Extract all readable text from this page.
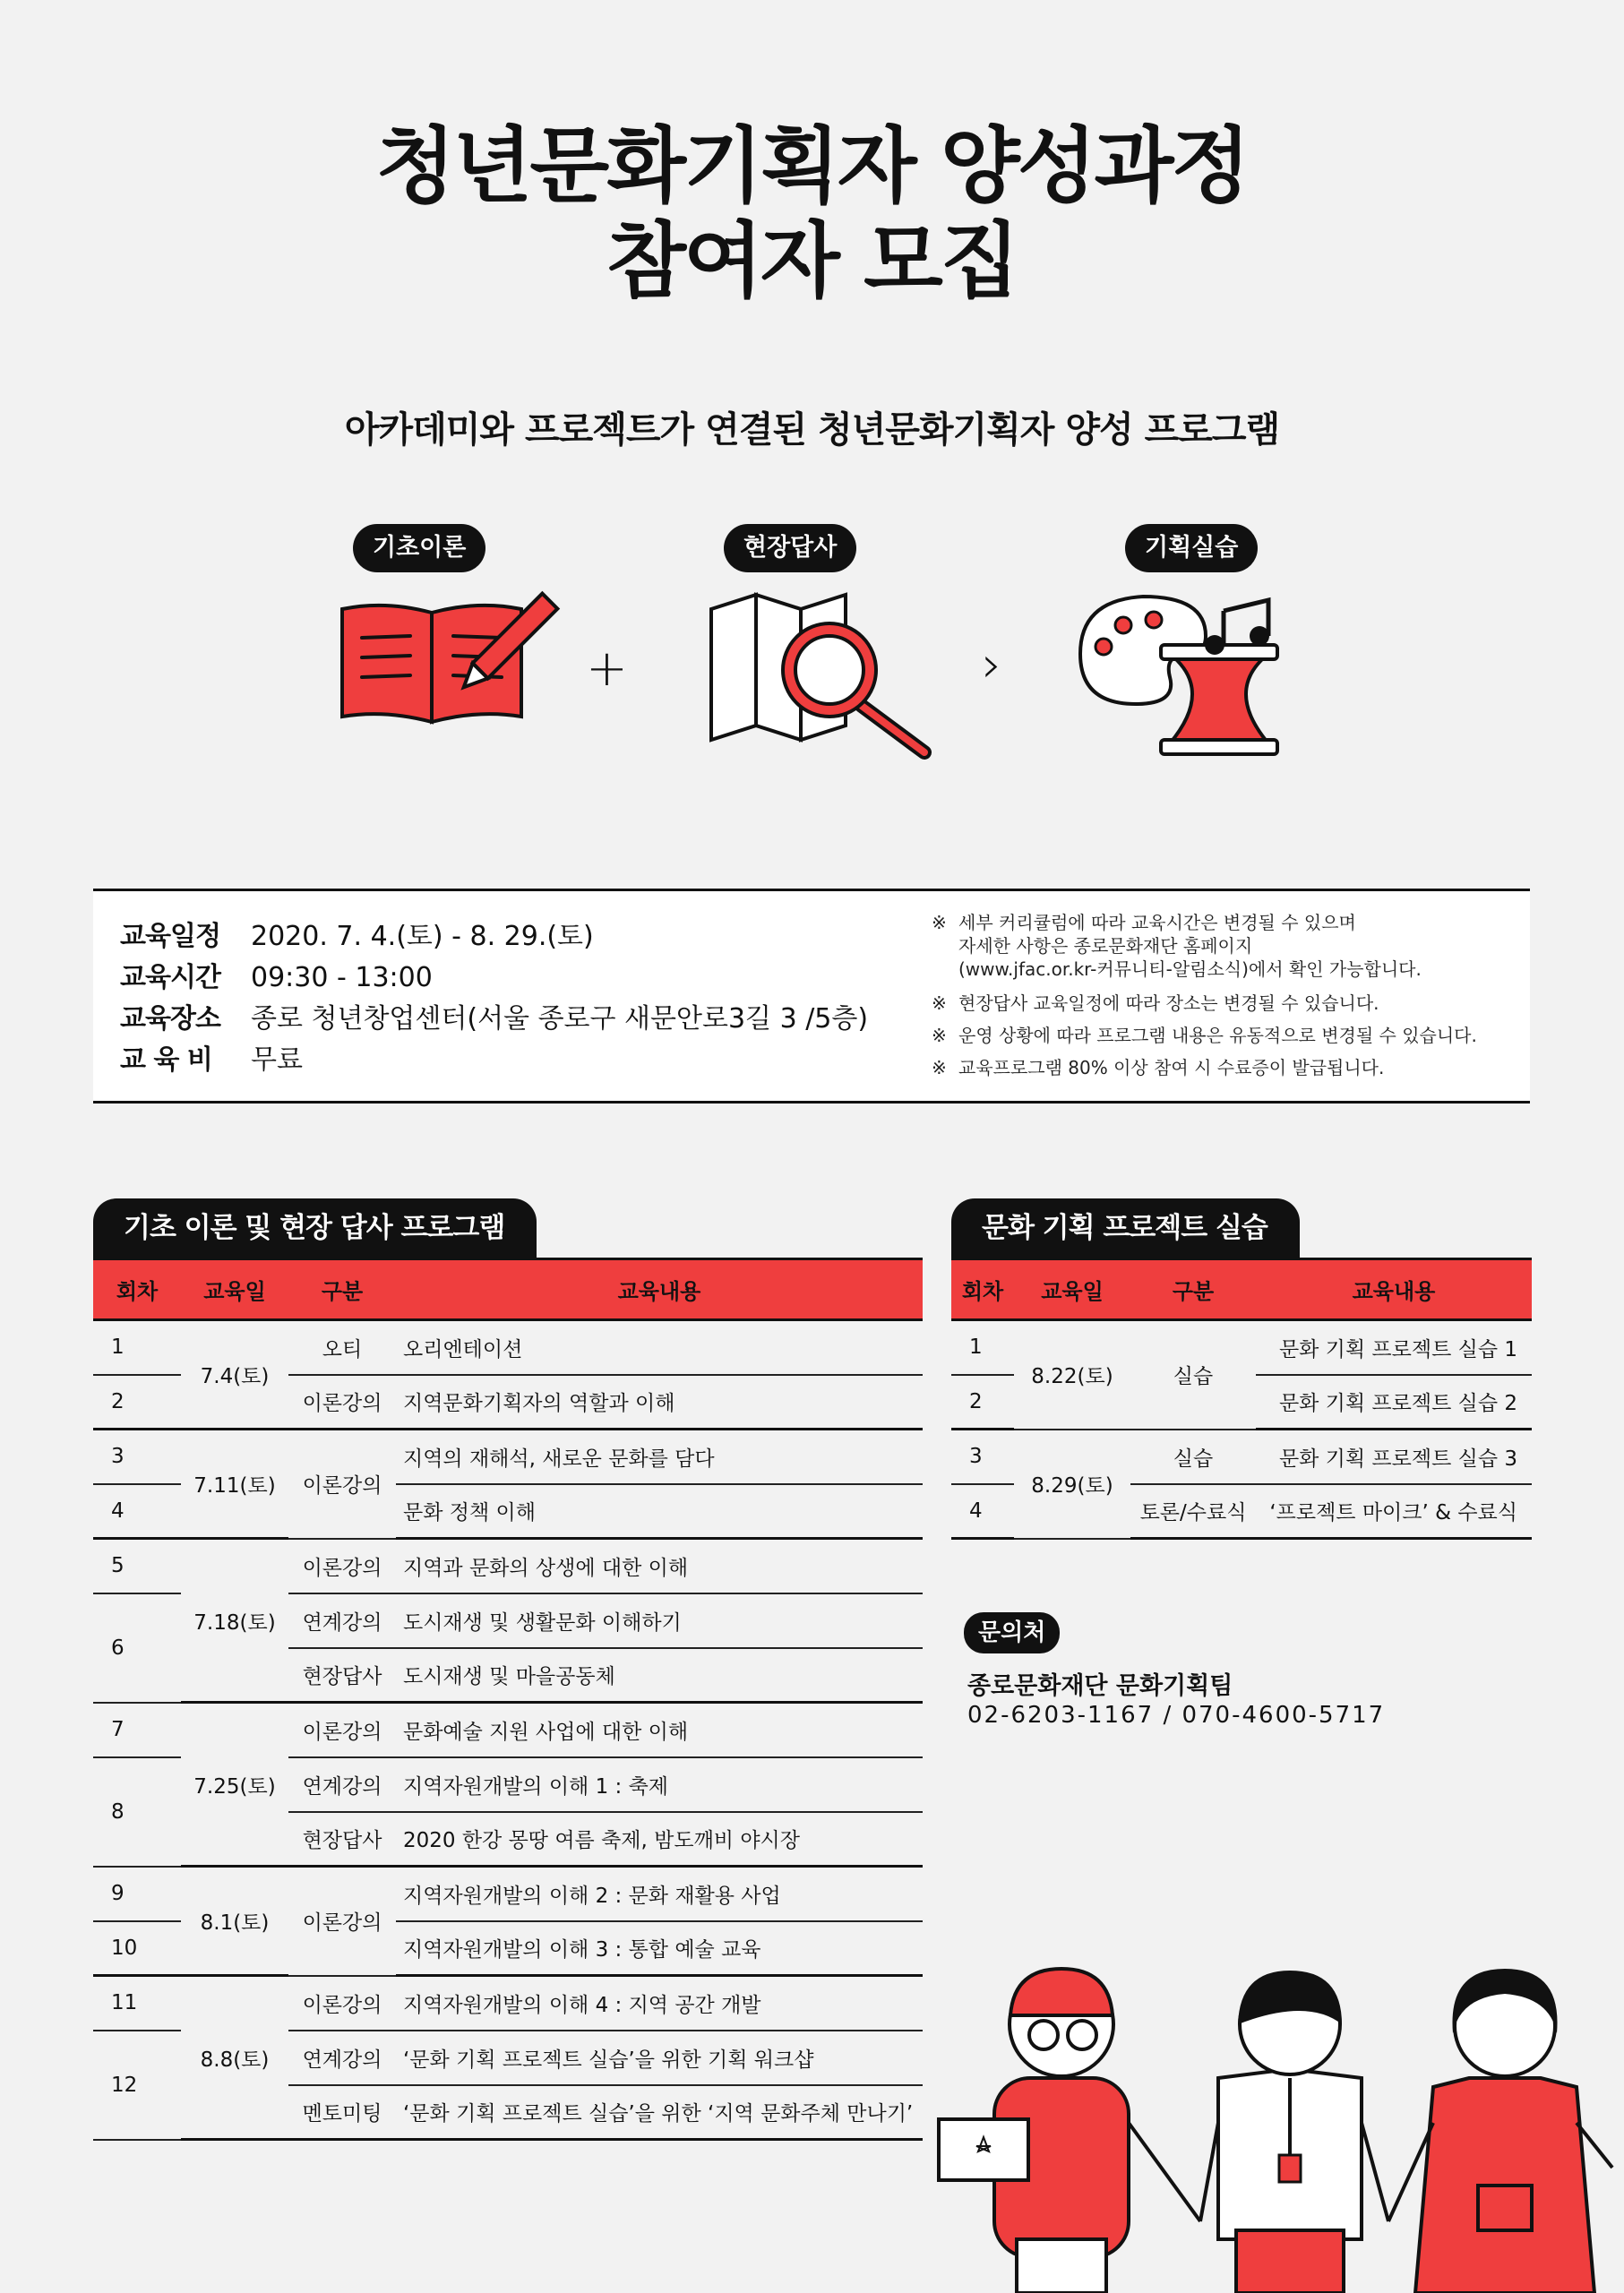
청년문화기획자 양성과정
참여자 모집
아카데미와 프로젝트가 연결된 청년문화기획자 양성 프로그램
기초이론	현장답사	기획실습
+	›
교육일정 2020. 7. 4.(토) - 8. 29.(토)
교육시간 09:30 - 13:00
교육장소 종로 청년창업센터(서울 종로구 새문안로3길 3 /5층)
교 육 비 무료
※ 세부 커리큘럼에 따라 교육시간은 변경될 수 있으며
자세한 사항은 종로문화재단 홈페이지
(www.jfac.or.kr-커뮤니티-알림소식)에서 확인 가능합니다.
※ 현장답사 교육일정에 따라 장소는 변경될 수 있습니다.
※ 운영 상황에 따라 프로그램 내용은 유동적으로 변경될 수 있습니다.
※ 교육프로그램 80% 이상 참여 시 수료증이 발급됩니다.
기초 이론 및 현장 답사 프로그램
회차	교육일	구분	교육내용
1	7.4(토)	오티	오리엔테이션
2		이론강의	지역문화기획자의 역할과 이해
3	7.11(토)	이론강의	지역의 재해석, 새로운 문화를 담다
4			문화 정책 이해
5	7.18(토)	이론강의	지역과 문화의 상생에 대한 이해
6		연계강의	도시재생 및 생활문화 이해하기
		현장답사	도시재생 및 마을공동체
7	7.25(토)	이론강의	문화예술 지원 사업에 대한 이해
8		연계강의	지역자원개발의 이해 1 : 축제
		현장답사	2020 한강 몽땅 여름 축제, 밤도깨비 야시장
9	8.1(토)	이론강의	지역자원개발의 이해 2 : 문화 재활용 사업
10			지역자원개발의 이해 3 : 통합 예술 교육
11	8.8(토)	이론강의	지역자원개발의 이해 4 : 지역 공간 개발
12		연계강의	‘문화 기획 프로젝트 실습’을 위한 기획 워크샵
		멘토미팅	‘문화 기획 프로젝트 실습’을 위한 ‘지역 문화주체 만나기’
문화 기획 프로젝트 실습
회차	교육일	구분	교육내용
1	8.22(토)	실습	문화 기획 프로젝트 실습 1
2			문화 기획 프로젝트 실습 2
3	8.29(토)	실습	문화 기획 프로젝트 실습 3
4		토론/수료식	‘프로젝트 마이크’ & 수료식
문의처
종로문화재단 문화기획팀
02-6203-1167 / 070-4600-5717
